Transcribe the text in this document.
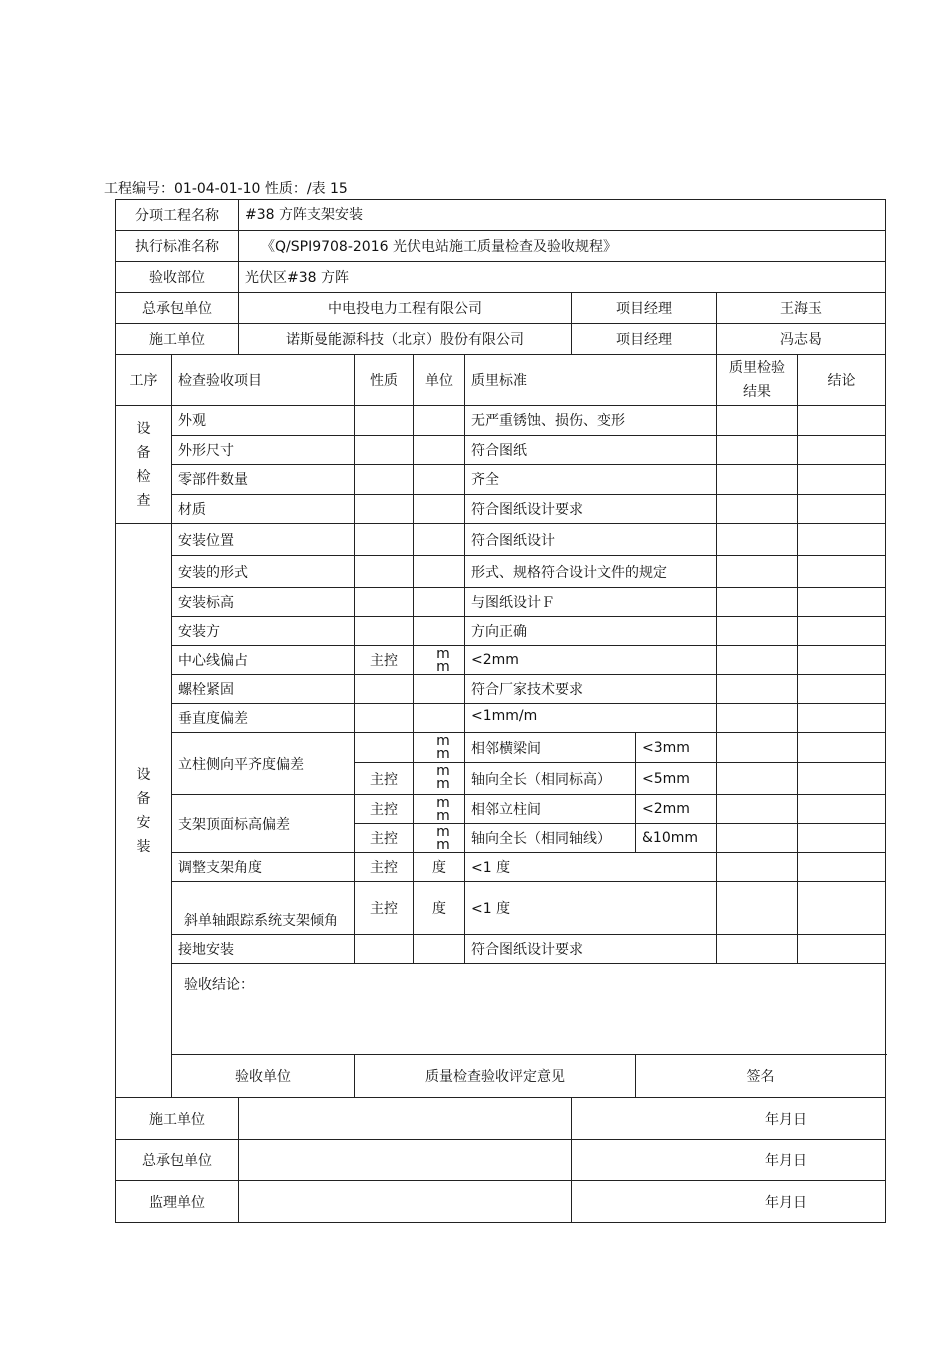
工程编号：01-04-01-10 性质：/表 15
分项工程名称		#38 方阵支架安装							
执行标准名称		《Q/SPI9708-2016 光伏电站施工质量检查及验收规程》							
验收部位		光伏区#38 方阵							
总承包单位		中电投电力工程有限公司				项目经理		王海玉	
施工单位		诺斯曼能源科技（北京）股份有限公司				项目经理		冯志曷	
工序	检查验收项目		性质	单位	质里标准			质里检验结果	结论
设备检查	外观				无严重锈蚀、损伤、变形				
	外形尺寸				符合图纸				
	零部件数量				齐全				
	材质				符合图纸设计要求				
设备安装	安装位置				符合图纸设计				
	安装的形式				形式、规格符合设计文件的规定				
	安装标高				与图纸设计Ｆ				
	安装方				方向正确				
	中心线偏占		主控	mm	<2mm				
	螺栓紧固				符合厂家技术要求				
	垂直度偏差				<1mm/m				
	立柱侧向平齐度偏差			mm	相邻横梁间		<3mm		
			主控	mm	轴向全长（相同标高）		<5mm		
	支架顶面标高偏差		主控	mm	相邻立柱间		<2mm		
			主控	mm	轴向全长（相同轴线）		&10mm		
	调整支架角度		主控	度	<1 度				
	斜单轴跟踪系统支架倾角		主控	度	<1 度				
	接地安装				符合图纸设计要求				
	验收结论：								
	验收单位		质量检查验收评定意见				签名		
施工单位						年月日			
总承包单位						年月日			
监理单位						年月日			
